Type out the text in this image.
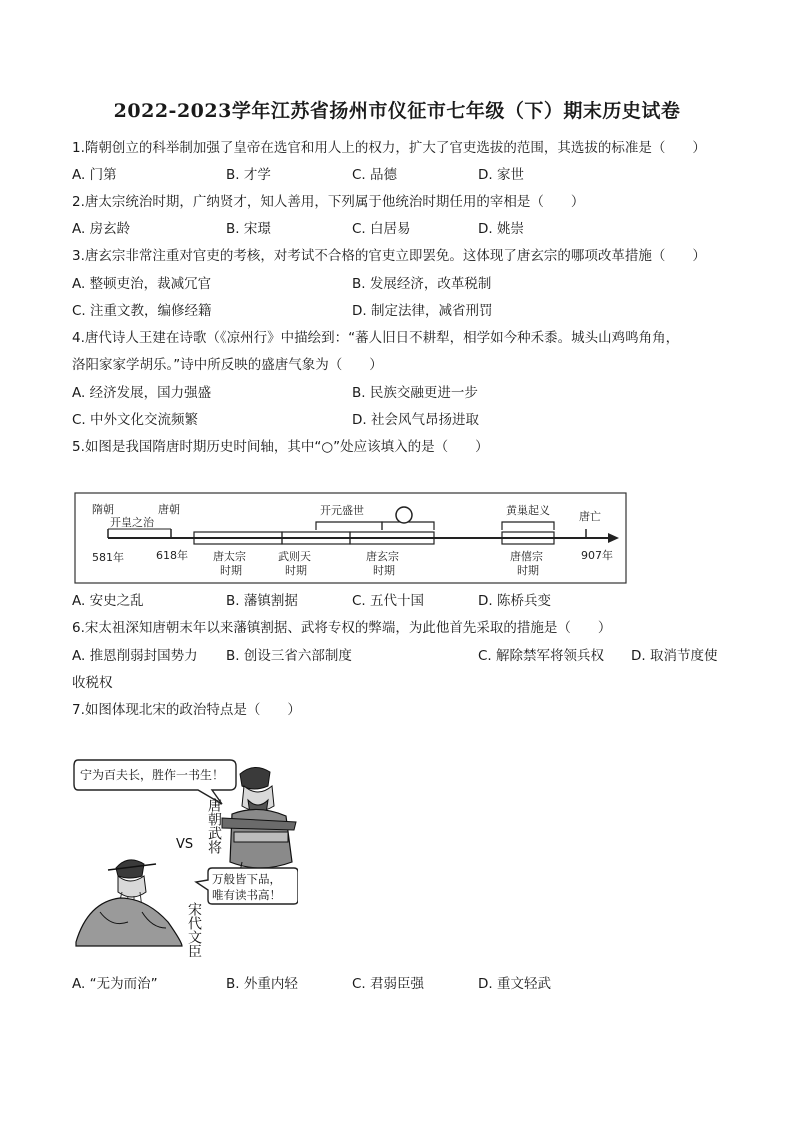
2022-2023学年江苏省扬州市仪征市七年级（下）期末历史试卷
1.隋朝创立的科举制加强了皇帝在选官和用人上的权力，扩大了官吏选拔的范围，其选拔的标准是（　　）
A. 门第	B. 才学	C. 品德	D. 家世
2.唐太宗统治时期，广纳贤才，知人善用，下列属于他统治时期任用的宰相是（　　）
A. 房玄龄	B. 宋璟	C. 白居易	D. 姚崇
3.唐玄宗非常注重对官吏的考核，对考试不合格的官吏立即罢免。这体现了唐玄宗的哪项改革措施（　　）
A. 整顿吏治，裁减冗官	B. 发展经济，改革税制
C. 注重文教，编修经籍	D. 制定法律，减省刑罚
4.唐代诗人王建在诗歌（《凉州行》中描绘到：“蕃人旧日不耕犁，相学如今种禾黍。城头山鸡鸣角角，
洛阳家家学胡乐。”诗中所反映的盛唐气象为（　　）
A. 经济发展，国力强盛	B. 民族交融更进一步
C. 中外文化交流频繁	D. 社会风气昂扬进取
5.如图是我国隋唐时期历史时间轴，其中“○”处应该填入的是（　　）
隋朝
开皇之治
唐朝	开元盛世	黄巢起义	唐亡
581年	618年 唐太宗
时期
武则天
时期
唐玄宗
时期
唐僖宗
时期
907年
A. 安史之乱	B. 藩镇割据	C. 五代十国	D. 陈桥兵变
6.宋太祖深知唐朝末年以来藩镇割据、武将专权的弊端，为此他首先采取的措施是（　　）
A. 推恩削弱封国势力 B. 创设三省六部制度	C. 解除禁军将领兵权 D. 取消节度使
收税权
7.如图体现北宋的政治特点是（　　）
宁为百夫长，胜作一书生！
唐朝武将
VS
万般皆下品，
唯有读书高！
宋代文臣
A. “无为而治”	B. 外重内轻	C. 君弱臣强	D. 重文轻武
